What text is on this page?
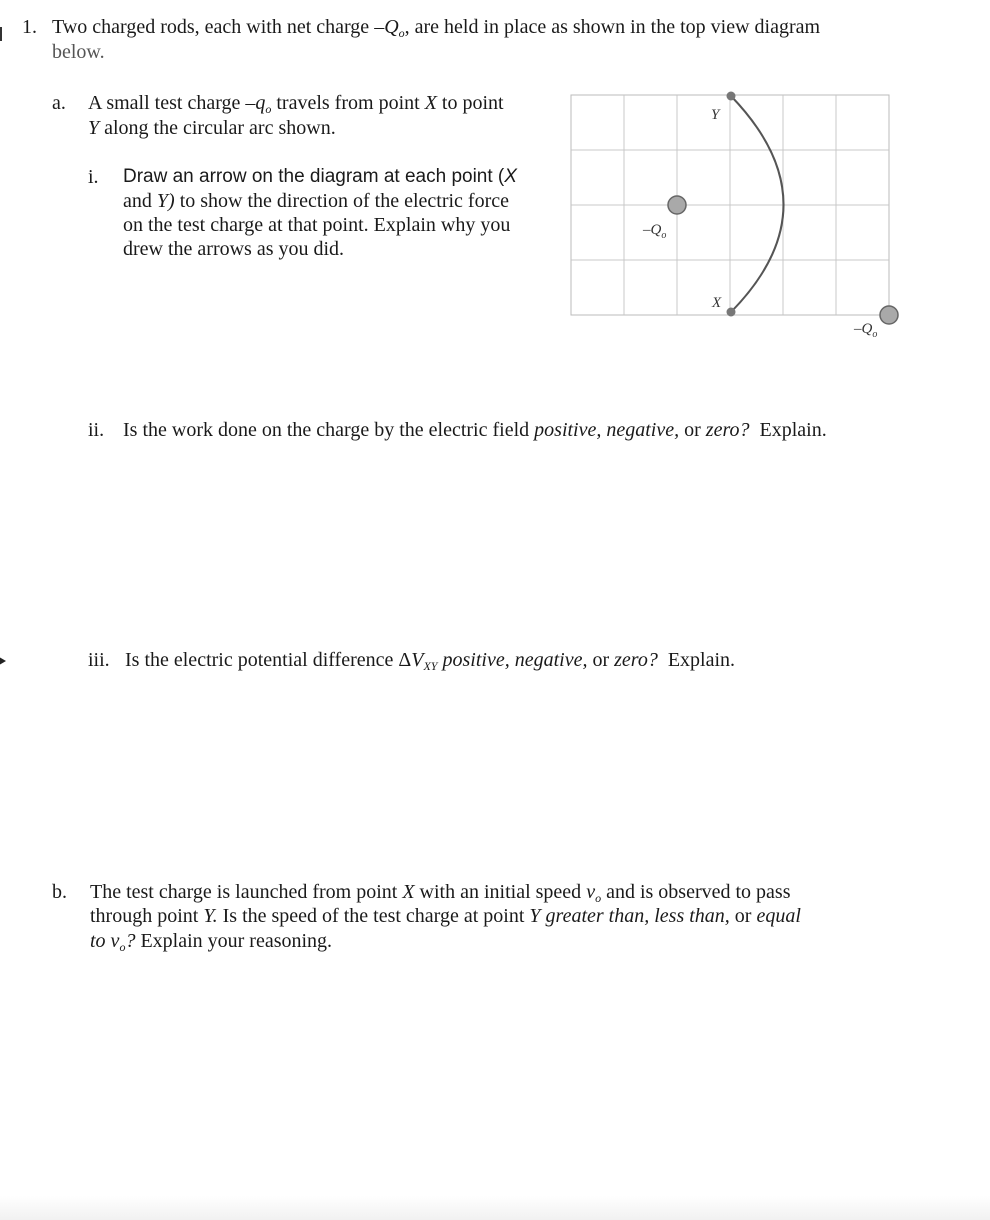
1. Two charged rods, each with net charge $-Q_o$, are held in place as shown in the top view diagram
below.
a. A small test charge $-q_o$ travels from point X to point
Y along the circular arc shown.
i. Draw an arrow on the diagram at each point (X
and Y) to show the direction of the electric force
on the test charge at that point. Explain why you
drew the arrows as you did.
Y
X
$-Q_o$
$-Q_o$
ii. Is the work done on the charge by the electric field positive, negative, or zero? Explain.
iii. Is the electric potential difference $\Delta V_{XY}$ positive, negative, or zero? Explain.
b. The test charge is launched from point X with an initial speed $v_o$ and is observed to pass
through point Y. Is the speed of the test charge at point Y greater than, less than, or equal
to $v_o$? Explain your reasoning.
